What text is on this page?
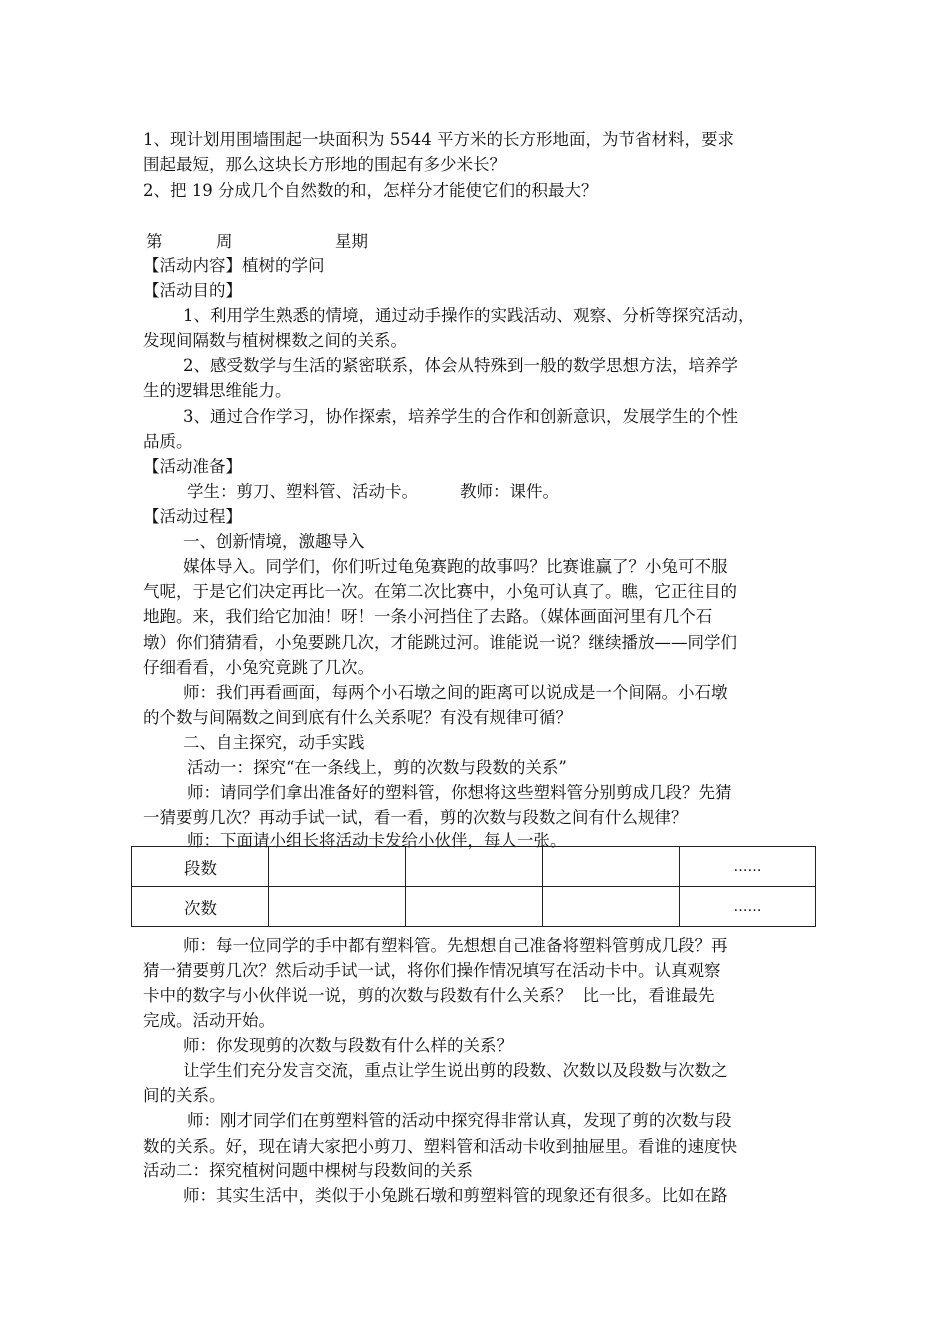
1、现计划用围墙围起一块面积为 5544 平方米的长方形地面，为节省材料，要求
围起最短，那么这块长方形地的围起有多少米长？
2、把 19 分成几个自然数的和，怎样分才能使它们的积最大？
第	周	星期
【活动内容】植树的学问
【活动目的】
1、利用学生熟悉的情境，通过动手操作的实践活动、观察、分析等探究活动，
发现间隔数与植树棵数之间的关系。
2、感受数学与生活的紧密联系，体会从特殊到一般的数学思想方法，培养学
生的逻辑思维能力。
3、通过合作学习，协作探索，培养学生的合作和创新意识，发展学生的个性
品质。
【活动准备】
学生：剪刀、塑料管、活动卡。        教师：课件。
【活动过程】
一、创新情境，激趣导入
媒体导入。同学们，你们听过龟兔赛跑的故事吗？比赛谁赢了？小兔可不服
气呢，于是它们决定再比一次。在第二次比赛中，小兔可认真了。瞧，它正往目的
地跑。来，我们给它加油！呀！一条小河挡住了去路。（媒体画面河里有几个石
墩）你们猜猜看，小兔要跳几次，才能跳过河。谁能说一说？继续播放——同学们
仔细看看，小兔究竟跳了几次。
师：我们再看画面，每两个小石墩之间的距离可以说成是一个间隔。小石墩
的个数与间隔数之间到底有什么关系呢？有没有规律可循？
二、自主探究，动手实践
活动一：探究“在一条线上，剪的次数与段数的关系”
师：请同学们拿出准备好的塑料管，你想将这些塑料管分别剪成几段？先猜
一猜要剪几次？再动手试一试，看一看，剪的次数与段数之间有什么规律？
师：下面请小组长将活动卡发给小伙伴，每人一张。
段数				……
次数				……
师：每一位同学的手中都有塑料管。先想想自己准备将塑料管剪成几段？再
猜一猜要剪几次？然后动手试一试，将你们操作情况填写在活动卡中。认真观察
卡中的数字与小伙伴说一说，剪的次数与段数有什么关系？  比一比，看谁最先
完成。活动开始。
师：你发现剪的次数与段数有什么样的关系？
让学生们充分发言交流，重点让学生说出剪的段数、次数以及段数与次数之
间的关系。
师：刚才同学们在剪塑料管的活动中探究得非常认真，发现了剪的次数与段
数的关系。好，现在请大家把小剪刀、塑料管和活动卡收到抽屉里。看谁的速度快
活动二：探究植树问题中棵树与段数间的关系
师：其实生活中，类似于小兔跳石墩和剪塑料管的现象还有很多。比如在路
